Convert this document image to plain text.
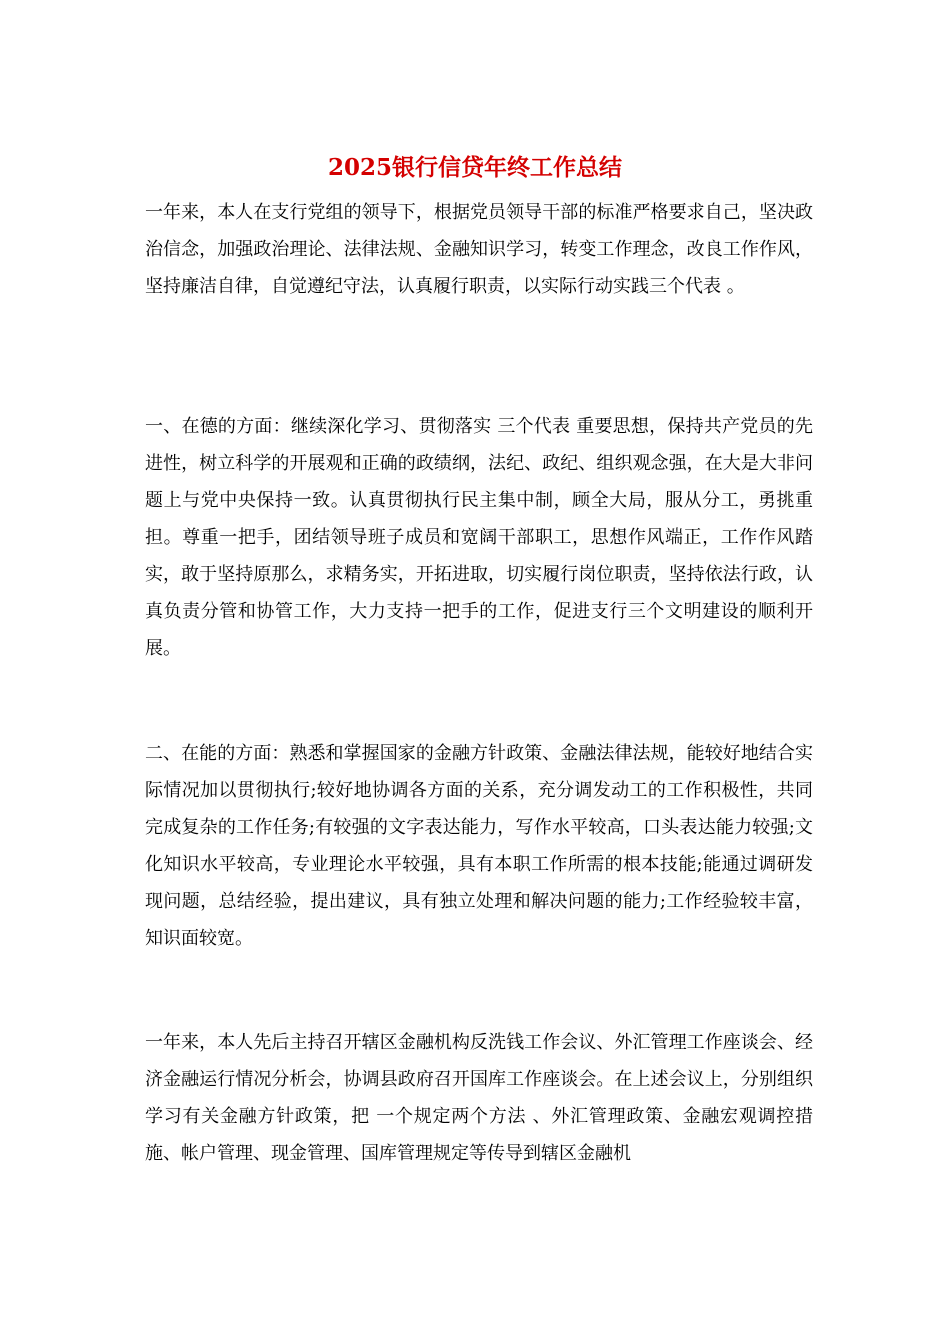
2025银行信贷年终工作总结

一年来，本人在支行党组的领导下，根据党员领导干部的标准严格要求自己，坚决政治信念，加强政治理论、法律法规、金融知识学习，转变工作理念，改良工作作风，坚持廉洁自律，自觉遵纪守法，认真履行职责，以实际行动实践三个代表 。

一、在德的方面：继续深化学习、贯彻落实 三个代表 重要思想，保持共产党员的先进性，树立科学的开展观和正确的政绩纲，法纪、政纪、组织观念强，在大是大非问题上与党中央保持一致。认真贯彻执行民主集中制，顾全大局，服从分工，勇挑重担。尊重一把手，团结领导班子成员和宽阔干部职工，思想作风端正，工作作风踏实，敢于坚持原那么，求精务实，开拓进取，切实履行岗位职责，坚持依法行政，认真负责分管和协管工作，大力支持一把手的工作，促进支行三个文明建设的顺利开展。

二、在能的方面：熟悉和掌握国家的金融方针政策、金融法律法规，能较好地结合实际情况加以贯彻执行;较好地协调各方面的关系，充分调发动工的工作积极性，共同完成复杂的工作任务;有较强的文字表达能力，写作水平较高，口头表达能力较强;文化知识水平较高，专业理论水平较强，具有本职工作所需的根本技能;能通过调研发现问题，总结经验，提出建议，具有独立处理和解决问题的能力;工作经验较丰富，知识面较宽。

一年来，本人先后主持召开辖区金融机构反洗钱工作会议、外汇管理工作座谈会、经济金融运行情况分析会，协调县政府召开国库工作座谈会。在上述会议上，分别组织学习有关金融方针政策，把 一个规定两个方法 、外汇管理政策、金融宏观调控措施、帐户管理、现金管理、国库管理规定等传导到辖区金融机
